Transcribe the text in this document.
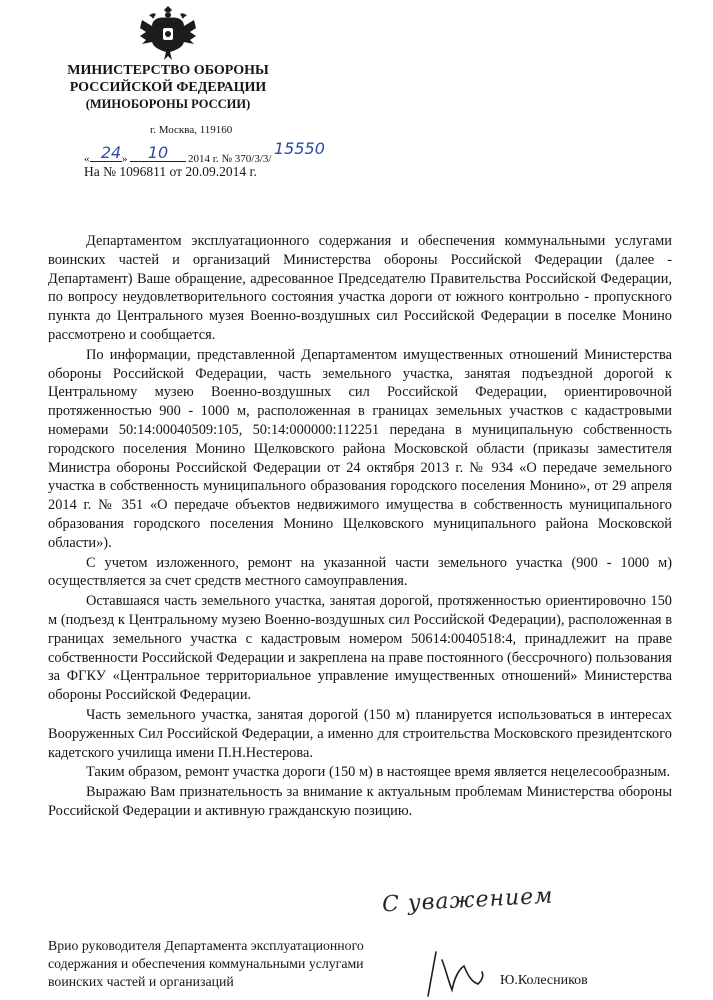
МИНИСТЕРСТВО ОБОРОНЫ
РОССИЙСКОЙ ФЕДЕРАЦИИ
(МИНОБОРОНЫ РОССИИ)
г. Москва, 119160
« 24 »	10	2014 г. № 370/3/3/
15550
На № 1096811 от 20.09.2014 г.

Департаментом эксплуатационного содержания и обеспечения коммунальными услугами воинских частей и организаций Министерства обороны Российской Федерации (далее - Департамент) Ваше обращение, адресованное Председателю Правительства Российской Федерации, по вопросу неудовлетворительного состояния участка дороги от южного контрольно - пропускного пункта до Центрального музея Военно-воздушных сил Российской Федерации в поселке Монино рассмотрено и сообщается.

По информации, представленной Департаментом имущественных отношений Министерства обороны Российской Федерации, часть земельного участка, занятая подъездной дорогой к Центральному музею Военно-воздушных сил Российской Федерации, ориентировочной протяженностью 900 - 1000 м, расположенная в границах земельных участков с кадастровыми номерами 50:14:00040509:105, 50:14:000000:112251 передана в муниципальную собственность городского поселения Монино Щелковского района Московской области (приказы заместителя Министра обороны Российской Федерации от 24 октября 2013 г. № 934 «О передаче земельного участка в собственность муниципального образования городского поселения Монино», от 29 апреля 2014 г. № 351 «О передаче объектов недвижимого имущества в собственность муниципального образования городского поселения Монино Щелковского муниципального района Московской области»).

С учетом изложенного, ремонт на указанной части земельного участка (900 - 1000 м) осуществляется за счет средств местного самоуправления.

Оставшаяся часть земельного участка, занятая дорогой, протяженностью ориентировочно 150 м (подъезд к Центральному музею Военно-воздушных сил Российской Федерации), расположенная в границах земельного участка с кадастровым номером 50614:0040518:4, принадлежит на праве собственности Российской Федерации и закреплена на праве постоянного (бессрочного) пользования за ФГКУ «Центральное территориальное управление имущественных отношений» Министерства обороны Российской Федерации.

Часть земельного участка, занятая дорогой (150 м) планируется использоваться в интересах Вооруженных Сил Российской Федерации, а именно для строительства Московского президентского кадетского училища имени П.Н.Нестерова.

Таким образом, ремонт участка дороги (150 м) в настоящее время является нецелесообразным.

Выражаю Вам признательность за внимание к актуальным проблемам Министерства обороны Российской Федерации и активную гражданскую позицию.

С уважением
Врио руководителя Департамента эксплуатационного
содержания и обеспечения коммунальными услугами
воинских частей и организаций	Ю.Колесников
